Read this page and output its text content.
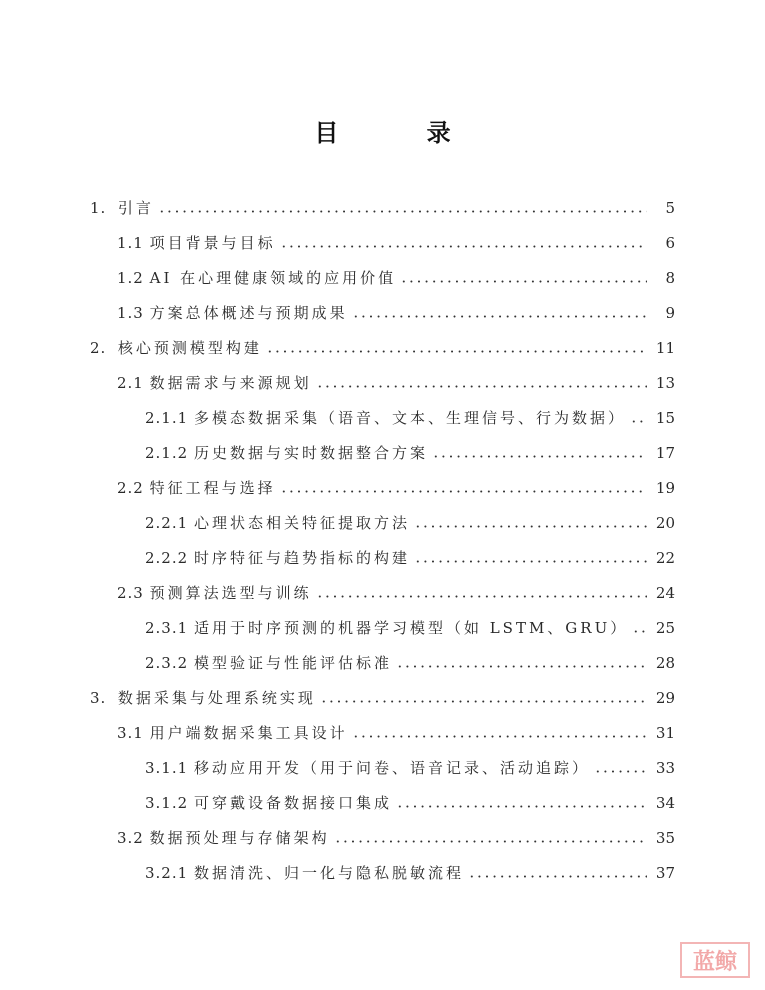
目 录
1. 引言	5
1.1 项目背景与目标	6
1.2 AI 在心理健康领域的应用价值	8
1.3 方案总体概述与预期成果	9
2. 核心预测模型构建	11
2.1 数据需求与来源规划	13
2.1.1 多模态数据采集（语音、文本、生理信号、行为数据） 15
2.1.2 历史数据与实时数据整合方案	17
2.2 特征工程与选择	19
2.2.1 心理状态相关特征提取方法	20
2.2.2 时序特征与趋势指标的构建	22
2.3 预测算法选型与训练	24
2.3.1 适用于时序预测的机器学习模型（如 LSTM、GRU） 25
2.3.2 模型验证与性能评估标准	28
3. 数据采集与处理系统实现	29
3.1 用户端数据采集工具设计	31
3.1.1 移动应用开发（用于问卷、语音记录、活动追踪）	33
3.1.2 可穿戴设备数据接口集成	34
3.2 数据预处理与存储架构	35
3.2.1 数据清洗、归一化与隐私脱敏流程	37
蓝鲸
